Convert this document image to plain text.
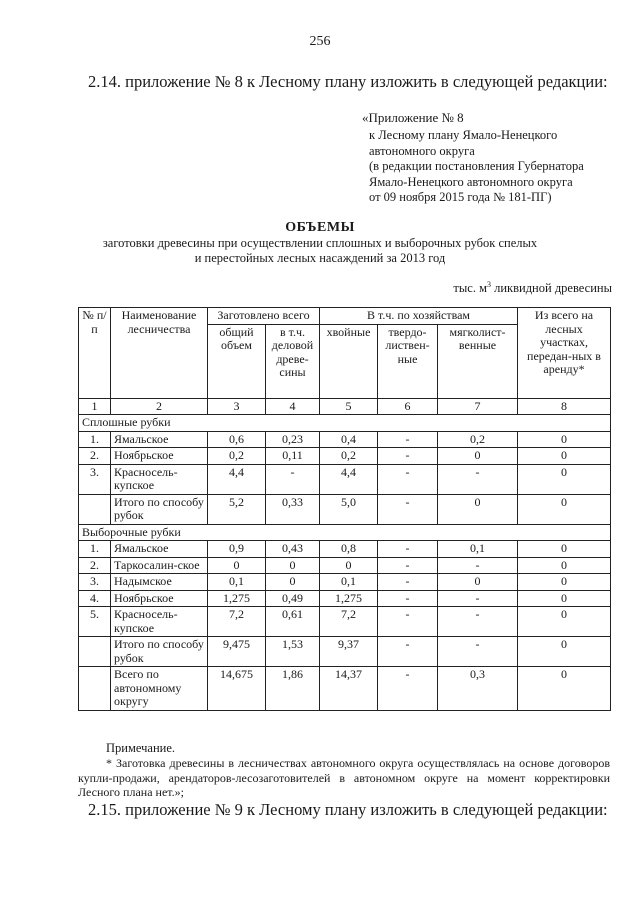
256
2.14. приложение № 8 к Лесному плану изложить в следующей редакции:
«Приложение № 8
к Лесному плану Ямало-Ненецкого
автономного округа
(в редакции постановления Губернатора
Ямало-Ненецкого автономного округа
от 09 ноября 2015 года № 181-ПГ)
ОБЪЕМЫ
заготовки древесины при осуществлении сплошных и выборочных рубок спелых
и перестойных лесных насаждений за 2013 год
тыс. $м^3$ ликвидной древесины
№ п/п	Наименование лесничества	Заготовлено всего		В т.ч. по хозяйствам			Из всего на лесных участках, передан-ных в аренду*
		общий объем	в т.ч. деловой древе-сины	хвойные	твердо-листвен-ные	мягколист-венные	
1	2	3	4	5	6	7	8
Сплошные рубки							
1.	Ямальское	0,6	0,23	0,4	-	0,2	0
2.	Ноябрьское	0,2	0,11	0,2	-	0	0
3.	Красносель-купское	4,4	-	4,4	-	-	0
	Итого по способу рубок	5,2	0,33	5,0	-	0	0
Выборочные рубки							
1.	Ямальское	0,9	0,43	0,8	-	0,1	0
2.	Таркосалин-ское	0	0	0	-	-	0
3.	Надымское	0,1	0	0,1	-	0	0
4.	Ноябрьское	1,275	0,49	1,275	-	-	0
5.	Красносель-купское	7,2	0,61	7,2	-	-	0
	Итого по способу рубок	9,475	1,53	9,37	-	-	0
	Всего по автономному округу	14,675	1,86	14,37	-	0,3	0
Примечание.
* Заготовка древесины в лесничествах автономного округа осуществлялась на основе договоров купли-продажи, арендаторов-лесозаготовителей в автономном округе на момент корректировки Лесного плана нет.»;
2.15. приложение № 9 к Лесному плану изложить в следующей редакции:
